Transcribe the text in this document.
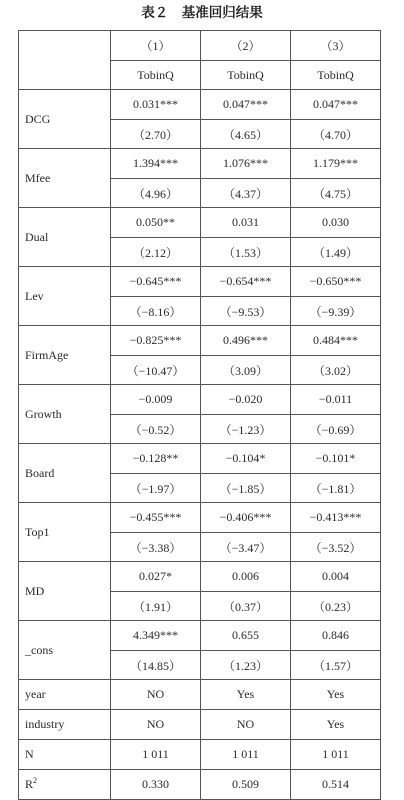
表２　基准回归结果
	（1）	（2）	（3）
	TobinQ	TobinQ	TobinQ
DCG	0.031***	0.047***	0.047***
	（2.70）	（4.65）	（4.70）
Mfee	1.394***	1.076***	1.179***
	（4.96）	（4.37）	（4.75）
Dual	0.050**	0.031	0.030
	（2.12）	（1.53）	（1.49）
Lev	−0.645***	−0.654***	−0.650***
	（−8.16）	（−9.53）	（−9.39）
FirmAge	−0.825***	0.496***	0.484***
	（−10.47）	（3.09）	（3.02）
Growth	−0.009	−0.020	−0.011
	（−0.52）	（−1.23）	（−0.69）
Board	−0.128**	−0.104*	−0.101*
	（−1.97）	（−1.85）	（−1.81）
Top1	−0.455***	−0.406***	−0.413***
	（−3.38）	（−3.47）	（−3.52）
MD	0.027*	0.006	0.004
	（1.91）	（0.37）	（0.23）
_cons	4.349***	0.655	0.846
	（14.85）	（1.23）	（1.57）
year	NO	Yes	Yes
industry	NO	NO	Yes
N	1 011	1 011	1 011
$R^2$	0.330	0.509	0.514
